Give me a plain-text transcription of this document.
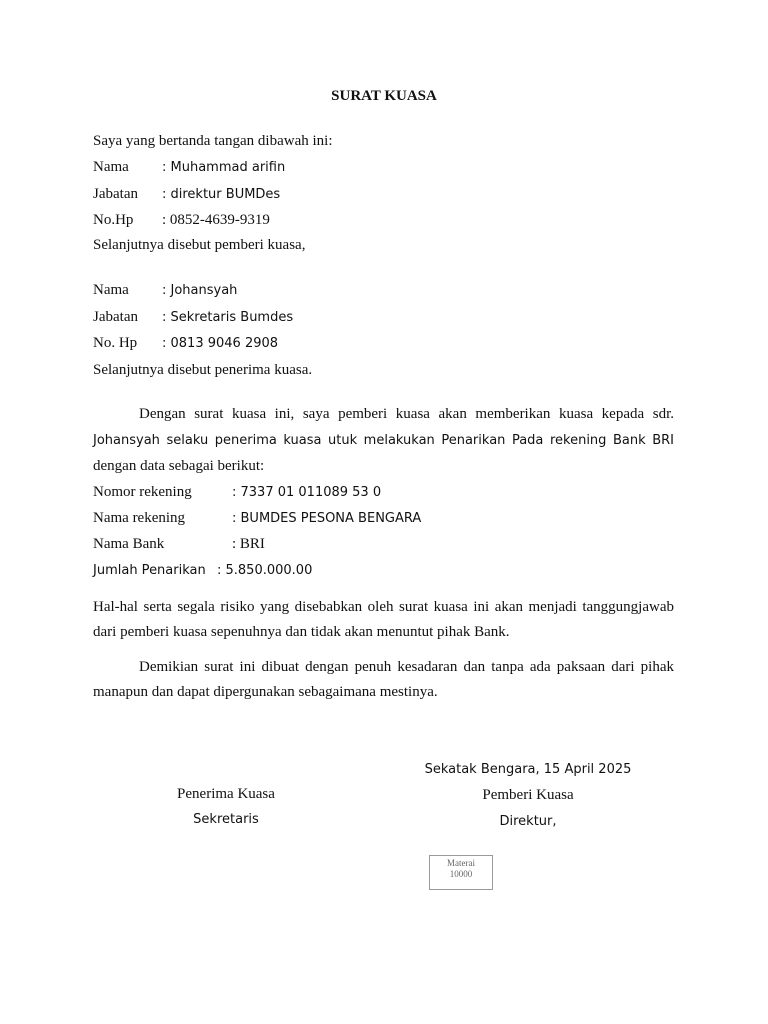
SURAT KUASA
Saya yang bertanda tangan dibawah ini:
Nama	: Muhammad arifin
Jabatan : direktur BUMDes
No.Hp : 0852-4639-9319
Selanjutnya disebut pemberi kuasa,
Nama	: Johansyah
Jabatan : Sekretaris Bumdes
No. Hp : 0813 9046 2908
Selanjutnya disebut penerima kuasa.
Dengan surat kuasa ini, saya pemberi kuasa akan memberikan kuasa kepada sdr.
Johansyah selaku penerima kuasa utuk melakukan Penarikan Pada rekening Bank BRI
dengan data sebagai berikut:
Nomor rekening	: 7337 01 011089 53 0
Nama rekening	: BUMDES PESONA BENGARA
Nama Bank	: BRI
Jumlah Penarikan : 5.850.000.00
Hal-hal serta segala risiko yang disebabkan oleh surat kuasa ini akan menjadi tanggungjawab
dari pemberi kuasa sepenuhnya dan tidak akan menuntut pihak Bank.
Demikian surat ini dibuat dengan penuh kesadaran dan tanpa ada paksaan dari pihak
manapun dan dapat dipergunakan sebagaimana mestinya.
Sekatak Bengara, 15 April 2025
Penerima Kuasa
Sekretaris
Pemberi Kuasa
Direktur,
Materai
10000
